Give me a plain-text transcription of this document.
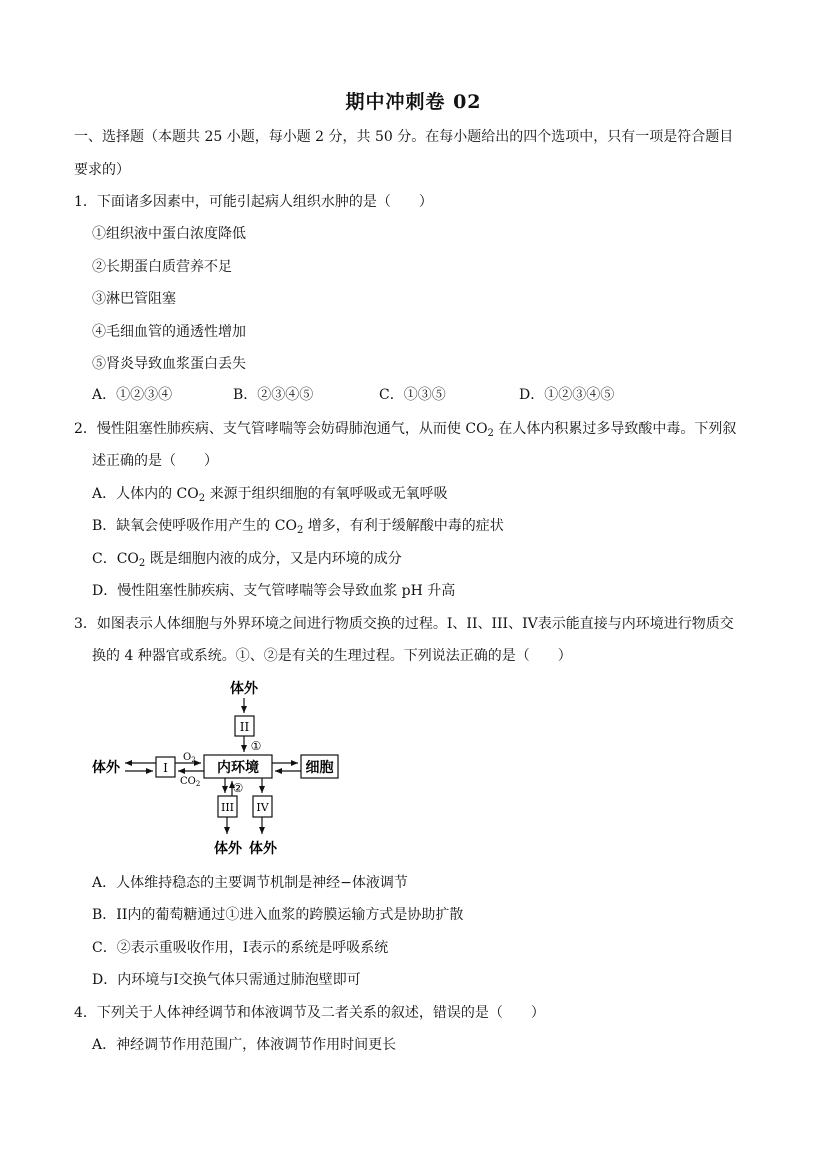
期中冲刺卷 02
一、选择题（本题共 25 小题，每小题 2 分，共 50 分。在每小题给出的四个选项中，只有一项是符合题目
要求的）
1．下面诸多因素中，可能引起病人组织水肿的是（　　）
①组织液中蛋白浓度降低
②长期蛋白质营养不足
③淋巴管阻塞
④毛细血管的通透性增加
⑤肾炎导致血浆蛋白丢失
A．①②③④	B．②③④⑤	C．①③⑤	D．①②③④⑤
2．慢性阻塞性肺疾病、支气管哮喘等会妨碍肺泡通气，从而使 $CO_2$ 在人体内积累过多导致酸中毒。下列叙
述正确的是（　　）
A．人体内的 $CO_2$ 来源于组织细胞的有氧呼吸或无氧呼吸
B．缺氧会使呼吸作用产生的 $CO_2$ 增多，有利于缓解酸中毒的症状
C．$CO_2$ 既是细胞内液的成分，又是内环境的成分
D．慢性阻塞性肺疾病、支气管哮喘等会导致血浆 pH 升高
3．如图表示人体细胞与外界环境之间进行物质交换的过程。I、II、III、IV表示能直接与内环境进行物质交
换的 4 种器官或系统。①、②是有关的生理过程。下列说法正确的是（　　）
体外
II
①
内环境	细胞
I
$O_2$
$CO_2$
体外
②
III
体外
IV
体外
A．人体维持稳态的主要调节机制是神经−体液调节
B．II内的葡萄糖通过①进入血浆的跨膜运输方式是协助扩散
C．②表示重吸收作用，I表示的系统是呼吸系统
D．内环境与I交换气体只需通过肺泡壁即可
4．下列关于人体神经调节和体液调节及二者关系的叙述，错误的是（　　）
A．神经调节作用范围广，体液调节作用时间更长
